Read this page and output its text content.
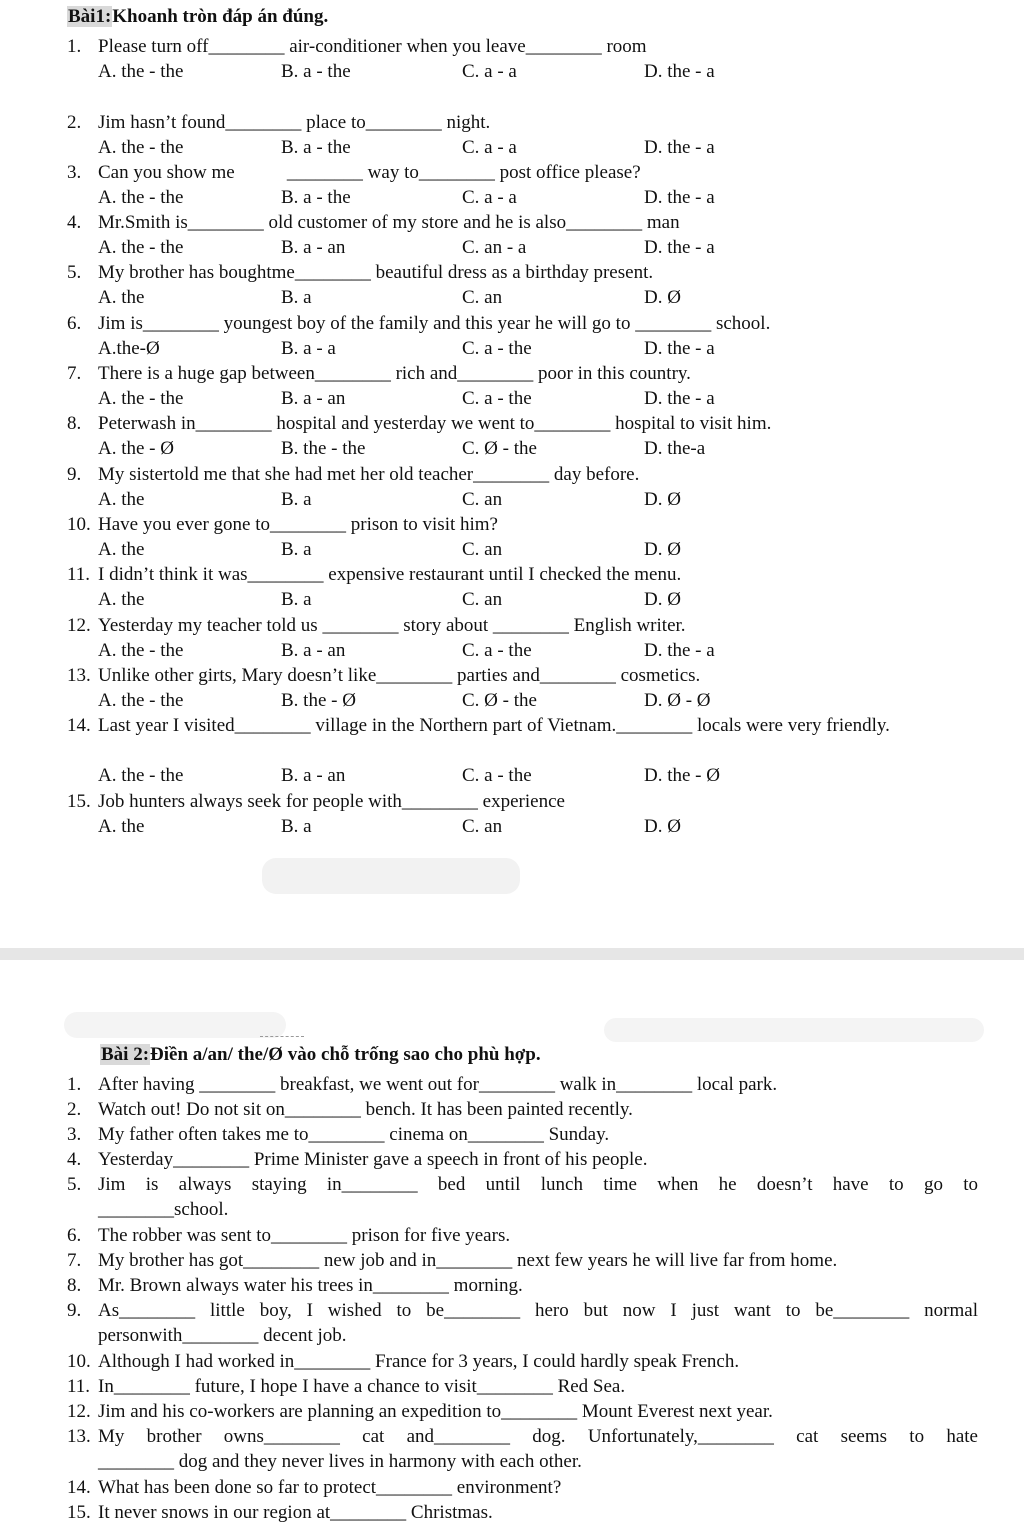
Bài1:Khoanh tròn đáp án đúng.
1. Please turn off________ air-conditioner when you leave________ room
A. the - the	B. a - the	C. a - a	D. the - a
2. Jim hasn’t found________ place to________ night.
A. the - the	B. a - the	C. a - a	D. the - a
3. Can you show me           ________ way to________ post office please?
A. the - the	B. a - the	C. a - a	D. the - a
4. Mr.Smith is________ old customer of my store and he is also________ man
A. the - the	B. a - an	C. an - a	D. the - a
5. My brother has boughtme________ beautiful dress as a birthday present.
A. the	B. a	C. an	D. Ø
6. Jim is________ youngest boy of the family and this year he will go to ________ school.
A.the-Ø	B. a - a	C. a - the	D. the - a
7. There is a huge gap between________ rich and________ poor in this country.
A. the - the	B. a - an	C. a - the	D. the - a
8. Peterwash in________ hospital and yesterday we went to________ hospital to visit him.
A. the - Ø	B. the - the	C. Ø - the	D. the-a
9. My sistertold me that she had met her old teacher________ day before.
A. the	B. a	C. an	D. Ø
10. Have you ever gone to________ prison to visit him?
A. the	B. a	C. an	D. Ø
11. I didn’t think it was________ expensive restaurant until I checked the menu.
A. the	B. a	C. an	D. Ø
12. Yesterday my teacher told us ________ story about ________ English writer.
A. the - the	B. a - an	C. a - the	D. the - a
13. Unlike other girts, Mary doesn’t like________ parties and________ cosmetics.
A. the - the	B. the - Ø	C. Ø - the	D. Ø - Ø
14. Last year I visited________ village in the Northern part of Vietnam.________ locals were very friendly.
A. the - the	B. a - an	C. a - the	D. the - Ø
15. Job hunters always seek for people with________ experience
A. the	B. a	C. an	D. Ø
Bài 2:Điền a/an/ the/Ø vào chỗ trống sao cho phù hợp.
1. After having ________ breakfast, we went out for________ walk in________ local park.
2. Watch out! Do not sit on________ bench. It has been painted recently.
3. My father often takes me to________ cinema on________ Sunday.
4. Yesterday________ Prime Minister gave a speech in front of his people.
5. Jim is always staying in________ bed until lunch time when he doesn’t have to go to
________school.
6. The robber was sent to________ prison for five years.
7. My brother has got________ new job and in________ next few years he will live far from home.
8. Mr. Brown always water his trees in________ morning.
9. As________ little boy, I wished to be________ hero but now I just want to be________ normal
personwith________ decent job.
10. Although I had worked in________ France for 3 years, I could hardly speak French.
11. In________ future, I hope I have a chance to visit________ Red Sea.
12. Jim and his co-workers are planning an expedition to________ Mount Everest next year.
13. My brother owns________ cat and________ dog. Unfortunately,________ cat seems to hate
________ dog and they never lives in harmony with each other.
14. What has been done so far to protect________ environment?
15. It never snows in our region at________ Christmas.
